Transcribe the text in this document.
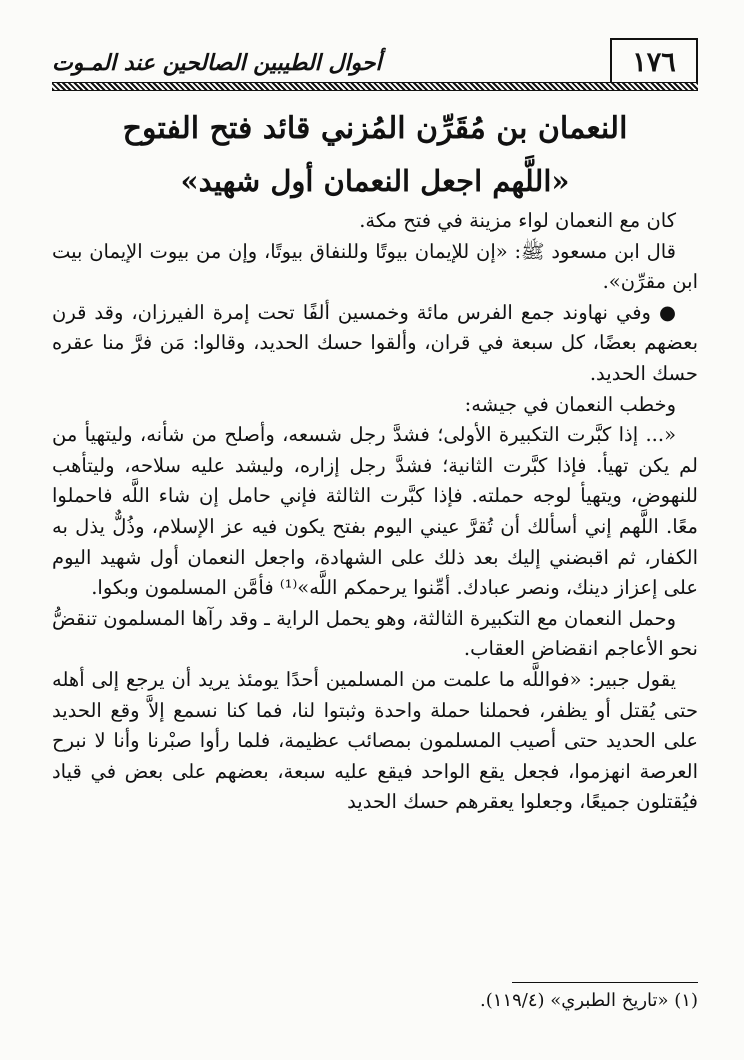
١٧٦
أحوال الطيبين الصالحين عند المـوت
النعمان بن مُقَرِّن المُزني قائد فتح الفتوح
«اللَّهم اجعل النعمان أول شهيد»

كان مع النعمان لواء مزينة في فتح مكة.

قال ابن مسعود ﷺ: «إن للإيمان بيوتًا وللنفاق بيوتًا، وإن من بيوت الإيمان بيت ابن مقرِّن».

● وفي نهاوند جمع الفرس مائة وخمسين ألفًا تحت إمرة الفيرزان، وقد قرن بعضهم بعضًا، كل سبعة في قران، وألقوا حسك الحديد، وقالوا: مَن فرَّ منا عقره حسك الحديد.

وخطب النعمان في جيشه:

«... إذا كبَّرت التكبيرة الأولى؛ فشدَّ رجل شسعه، وأصلح من شأنه، وليتهيأ من لم يكن تهيأ. فإذا كبَّرت الثانية؛ فشدَّ رجل إزاره، وليشد عليه سلاحه، وليتأهب للنهوض، ويتهيأ لوجه حملته. فإذا كبَّرت الثالثة فإني حامل إن شاء اللَّه فاحملوا معًا. اللَّهم إني أسألك أن تُقرَّ عيني اليوم بفتح يكون فيه عز الإسلام، وذُلٌّ يذل به الكفار، ثم اقبضني إليك بعد ذلك على الشهادة، واجعل النعمان أول شهيد اليوم على إعزاز دينك، ونصر عبادك. أمِّنوا يرحمكم اللَّه»⁽¹⁾ فأمَّن المسلمون وبكوا.

وحمل النعمان مع التكبيرة الثالثة، وهو يحمل الراية ـ وقد رآها المسلمون تنقضُّ نحو الأعاجم انقضاض العقاب.

يقول جبير: «فواللَّه ما علمت من المسلمين أحدًا يومئذ يريد أن يرجع إلى أهله حتى يُقتل أو يظفر، فحملنا حملة واحدة وثبتوا لنا، فما كنا نسمع إلاَّ وقع الحديد على الحديد حتى أصيب المسلمون بمصائب عظيمة، فلما رأوا صبْرنا وأنا لا نبرح العرصة انهزموا، فجعل يقع الواحد فيقع عليه سبعة، بعضهم على بعض في قياد فيُقتلون جميعًا، وجعلوا يعقرهم حسك الحديد

(١) «تاريخ الطبري» (١١٩/٤).
